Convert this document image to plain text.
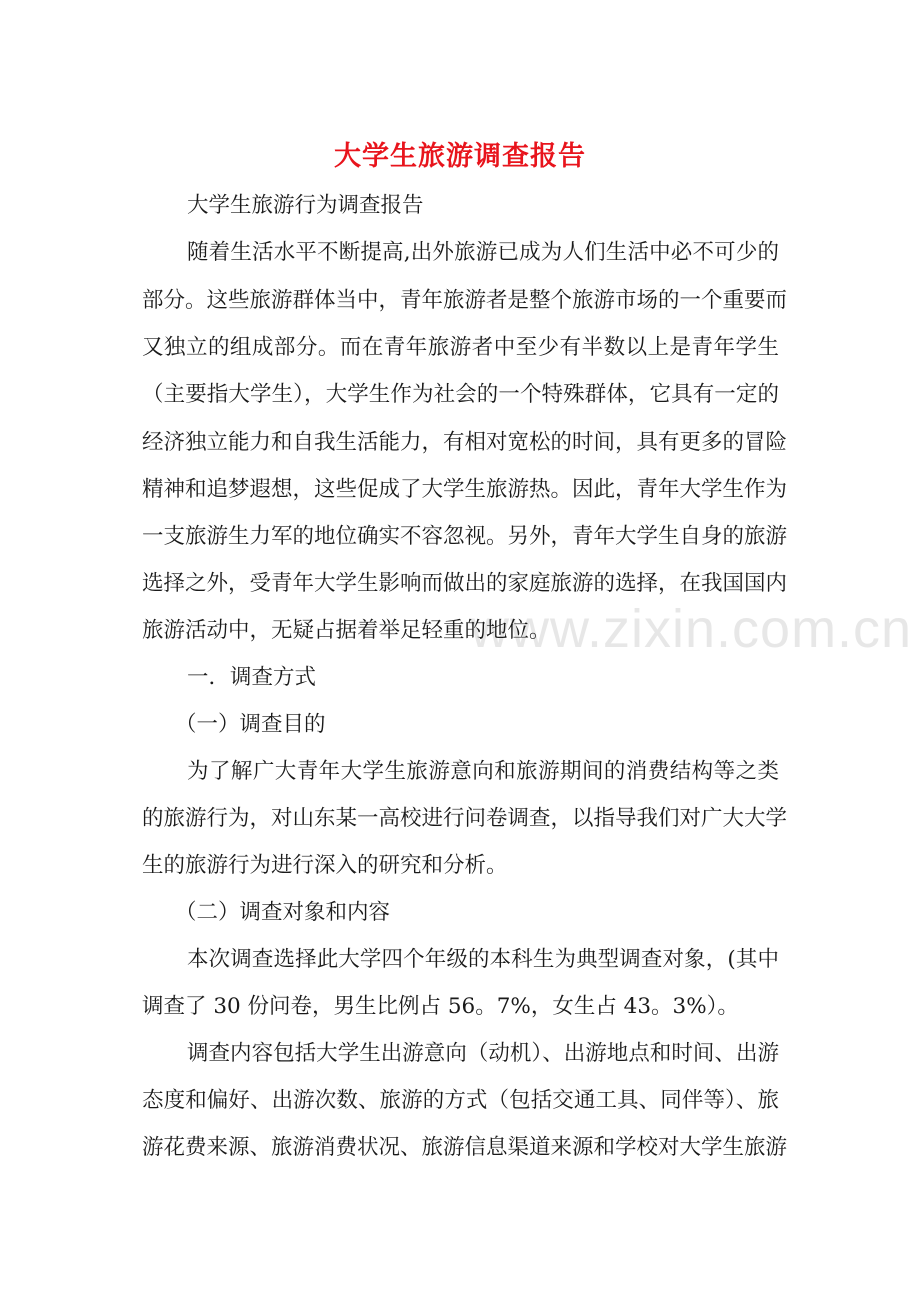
大学生旅游调查报告
www.zixin.com.cn
大学生旅游行为调查报告
随着生活水平不断提高,出外旅游已成为人们生活中必不可少的
部分。这些旅游群体当中，青年旅游者是整个旅游市场的一个重要而
又独立的组成部分。而在青年旅游者中至少有半数以上是青年学生
（主要指大学生），大学生作为社会的一个特殊群体，它具有一定的
经济独立能力和自我生活能力，有相对宽松的时间，具有更多的冒险
精神和追梦遐想，这些促成了大学生旅游热。因此，青年大学生作为
一支旅游生力军的地位确实不容忽视。另外，青年大学生自身的旅游
选择之外，受青年大学生影响而做出的家庭旅游的选择，在我国国内
旅游活动中，无疑占据着举足轻重的地位。
一．调查方式
（一）调查目的
为了解广大青年大学生旅游意向和旅游期间的消费结构等之类
的旅游行为，对山东某一高校进行问卷调查，以指导我们对广大大学
生的旅游行为进行深入的研究和分析。
（二）调查对象和内容
本次调查选择此大学四个年级的本科生为典型调查对象，(其中
调查了 30 份问卷，男生比例占 56。7%，女生占 43。3%）。
调查内容包括大学生出游意向（动机）、出游地点和时间、出游
态度和偏好、出游次数、旅游的方式（包括交通工具、同伴等）、旅
游花费来源、旅游消费状况、旅游信息渠道来源和学校对大学生旅游
